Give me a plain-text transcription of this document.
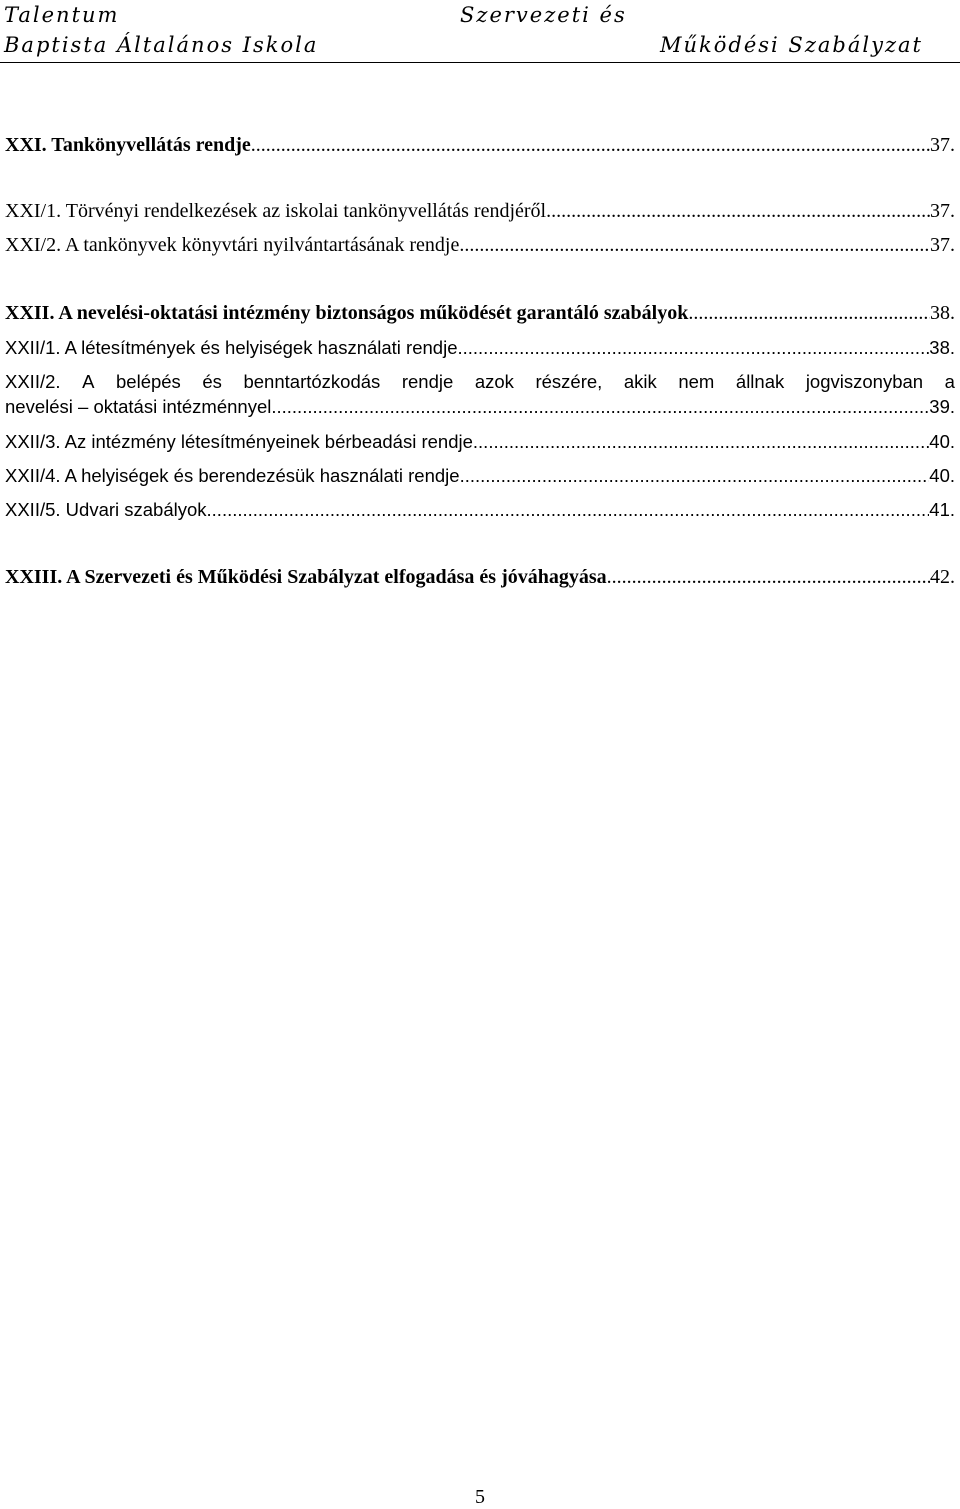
Talentum
Baptista Általános Iskola
Szervezeti és
Működési Szabályzat
XXI. Tankönyvellátás rendje .....	37.
XXI/1. Törvényi rendelkezések az iskolai tankönyvellátás rendjéről .....	37.
XXI/2. A tankönyvek könyvtári nyilvántartásának rendje .....	37.
XXII. A nevelési-oktatási intézmény biztonságos működését garantáló szabályok .....	38.
XXII/1. A létesítmények és helyiségek használati rendje .....	38.
XXII/2. A belépés és benntartózkodás rendje azok részére, akik nem állnak jogviszonyban a
nevelési – oktatási intézménnyel .....	39.
XXII/3. Az intézmény létesítményeinek bérbeadási rendje .....	40.
XXII/4. A helyiségek és berendezésük használati rendje .....	40.
XXII/5. Udvari szabályok .....	41.
XXIII. A Szervezeti és Működési Szabályzat elfogadása és jóváhagyása .....	42.
5
